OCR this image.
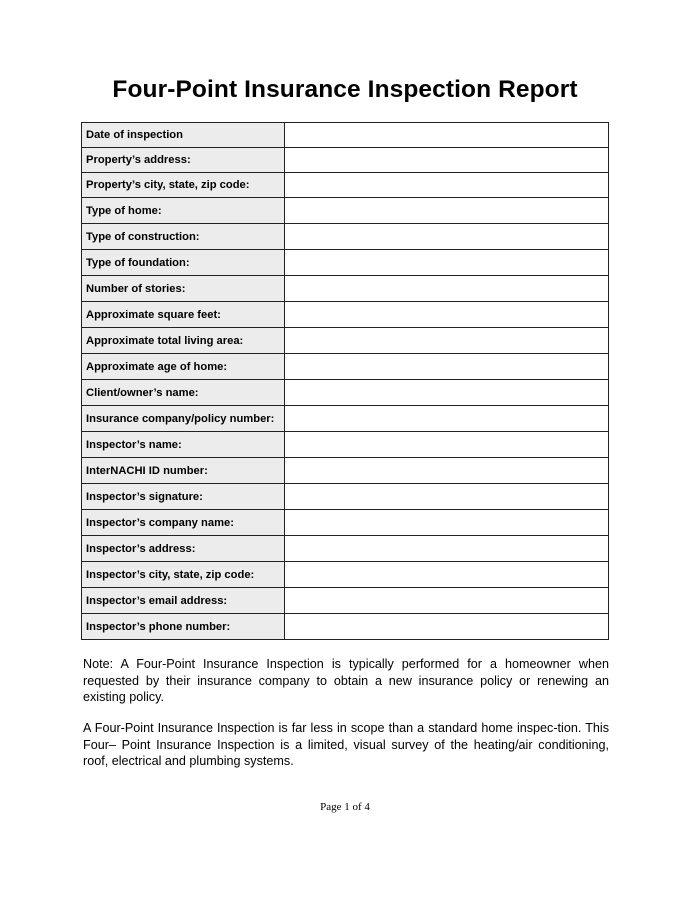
Four-Point Insurance Inspection Report
Date of inspection	
Property’s address:	
Property’s city, state, zip code:	
Type of home:	
Type of construction:	
Type of foundation:	
Number of stories:	
Approximate square feet:	
Approximate total living area:	
Approximate age of home:	
Client/owner’s name:	
Insurance company/policy number:	
Inspector’s name:	
InterNACHI ID number:	
Inspector’s signature:	
Inspector’s company name:	
Inspector’s address:	
Inspector’s city, state, zip code:	
Inspector’s email address:	
Inspector’s phone number:	

Note: A Four-Point Insurance Inspection is typically performed for a homeowner when requested by their insurance company to obtain a new insurance policy or renewing an existing policy.

A Four-Point Insurance Inspection is far less in scope than a standard home inspec-tion. This Four– Point Insurance Inspection is a limited, visual survey of the heating/air conditioning, roof, electrical and plumbing systems.

Page 1 of 4
